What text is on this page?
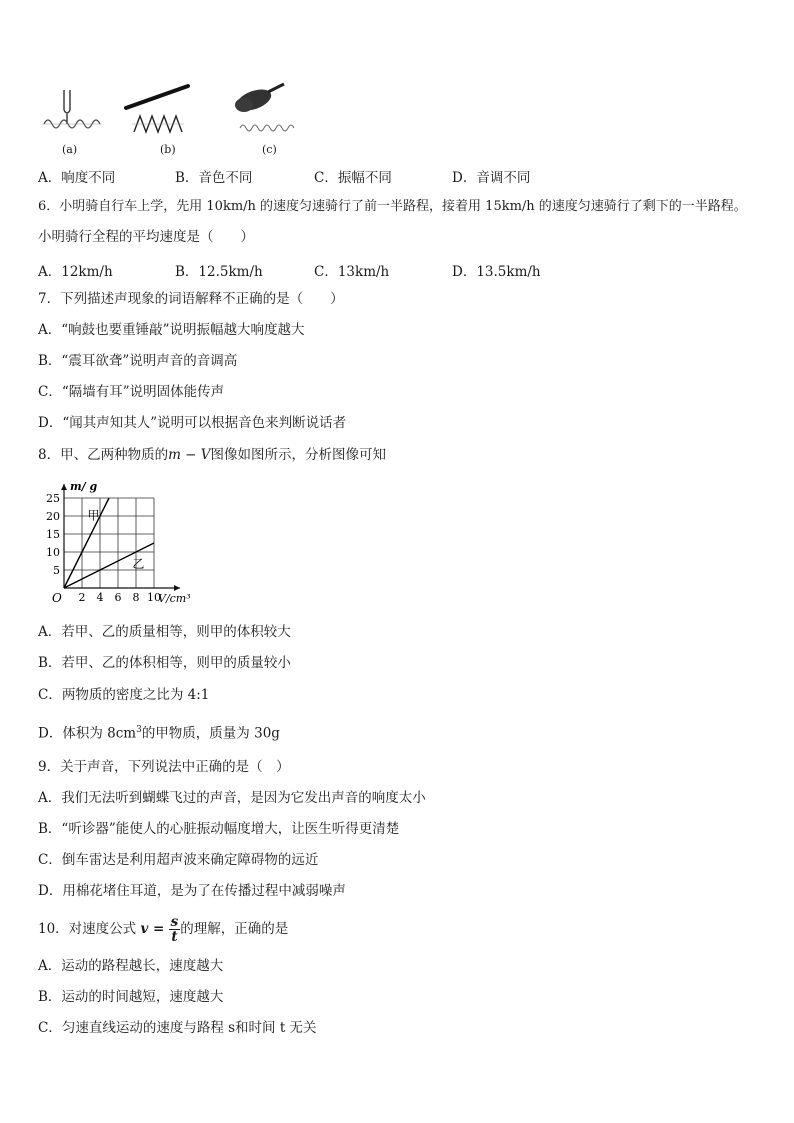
(a)	(b)	(c)
A．响度不同	B．音色不同	C．振幅不同	D．音调不同
6．小明骑自行车上学，先用 10km/h 的速度匀速骑行了前一半路程，接着用 15km/h 的速度匀速骑行了剩下的一半路程。
小明骑行全程的平均速度是（　　）
A．12km/h	B．12.5km/h	C．13km/h	D．13.5km/h
7．下列描述声现象的词语解释不正确的是（　　）
A．“响鼓也要重锤敲”说明振幅越大响度越大
B．“震耳欲聋”说明声音的音调高
C．“隔墙有耳”说明固体能传声
D．“闻其声知其人”说明可以根据音色来判断说话者
8．甲、乙两种物质的m − V图像如图所示，分析图像可知
2 4 6 8 10
5
10
15
20
25
O	V/cm³
m/ g
甲
乙
A．若甲、乙的质量相等，则甲的体积较大
B．若甲、乙的体积相等，则甲的质量较小
C．两物质的密度之比为 4:1
D．体积为 $8cm^3$的甲物质，质量为 30g
9．关于声音，下列说法中正确的是（　）
A．我们无法听到蝴蝶飞过的声音，是因为它发出声音的响度太小
B．“听诊器”能使人的心脏振动幅度增大，让医生听得更清楚
C．倒车雷达是利用超声波来确定障碍物的远近
D．用棉花堵住耳道，是为了在传播过程中减弱噪声
10．对速度公式 $v = \frac{s}{t}$ 的理解，正确的是
A．运动的路程越长，速度越大
B．运动的时间越短，速度越大
C．匀速直线运动的速度与路程 s和时间 t 无关
